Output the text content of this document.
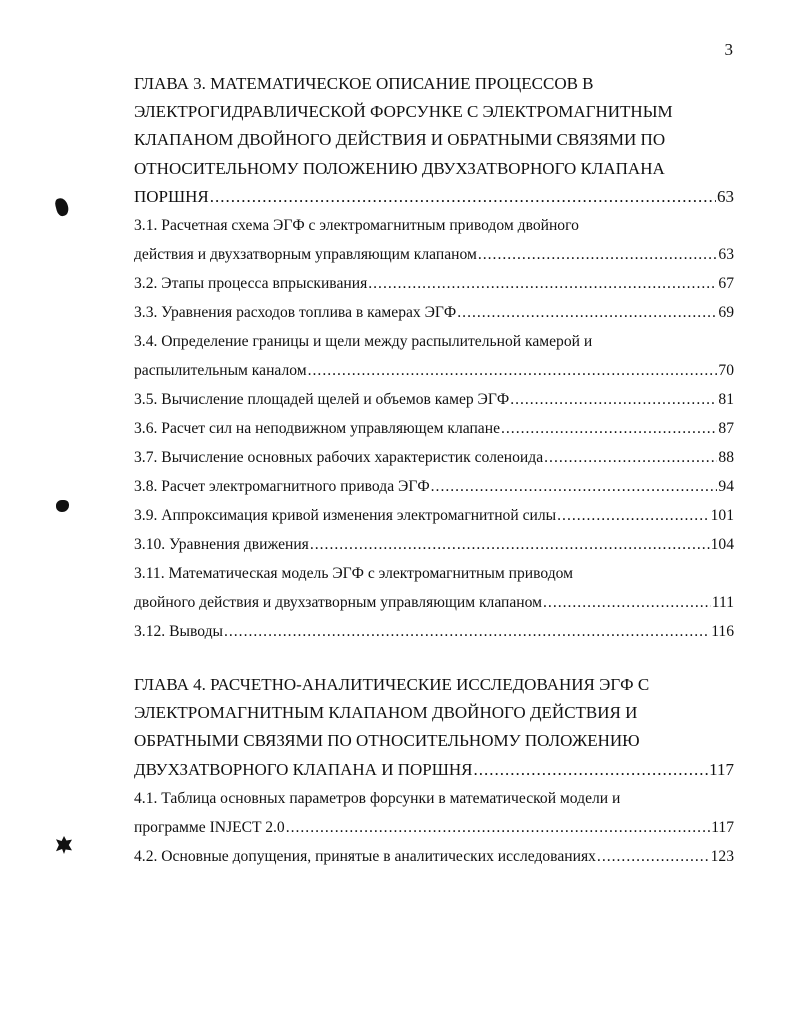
3
ГЛАВА 3. МАТЕМАТИЧЕСКОЕ ОПИСАНИЕ ПРОЦЕССОВ В
ЭЛЕКТРОГИДРАВЛИЧЕСКОЙ ФОРСУНКЕ С ЭЛЕКТРОМАГНИТНЫМ
КЛАПАНОМ ДВОЙНОГО ДЕЙСТВИЯ И ОБРАТНЫМИ СВЯЗЯМИ ПО
ОТНОСИТЕЛЬНОМУ ПОЛОЖЕНИЮ ДВУХЗАТВОРНОГО КЛАПАНА
ПОРШНЯ .....	63
3.1. Расчетная схема ЭГФ с электромагнитным приводом двойного
действия и двухзатворным управляющим клапаном .....	63
3.2. Этапы процесса впрыскивания .....	67
3.3. Уравнения расходов топлива в камерах ЭГФ .....	69
3.4. Определение границы и щели между распылительной камерой и
распылительным каналом .....	70
3.5. Вычисление площадей щелей и объемов камер ЭГФ .....	81
3.6. Расчет сил на неподвижном управляющем клапане .....	87
3.7. Вычисление основных рабочих характеристик соленоида .....	88
3.8. Расчет электромагнитного привода ЭГФ .....	94
3.9. Аппроксимация кривой изменения электромагнитной силы .....	101
3.10. Уравнения движения .....	104
3.11. Математическая модель ЭГФ с электромагнитным приводом
двойного действия и двухзатворным управляющим клапаном .....	111
3.12. Выводы .....	116
ГЛАВА 4. РАСЧЕТНО-АНАЛИТИЧЕСКИЕ ИССЛЕДОВАНИЯ ЭГФ С
ЭЛЕКТРОМАГНИТНЫМ КЛАПАНОМ ДВОЙНОГО ДЕЙСТВИЯ И
ОБРАТНЫМИ СВЯЗЯМИ ПО ОТНОСИТЕЛЬНОМУ ПОЛОЖЕНИЮ
ДВУХЗАТВОРНОГО КЛАПАНА И ПОРШНЯ .....	117
4.1. Таблица основных параметров форсунки в математической модели и
программе INJECT 2.0 .....	117
4.2. Основные допущения, принятые в аналитических исследованиях .....	123
